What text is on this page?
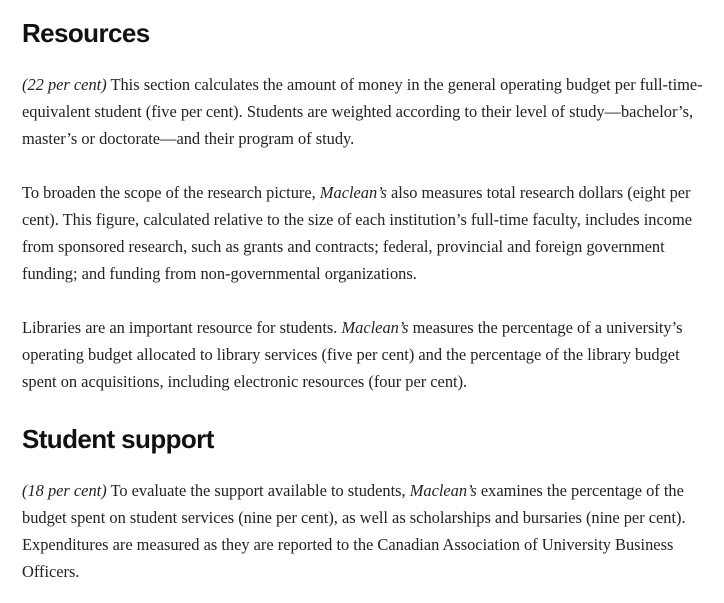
Resources

(22 per cent) This section calculates the amount of money in the general operating budget per full-time-equivalent student (five per cent). Students are weighted according to their level of study—bachelor’s, master’s or doctorate—and their program of study.

To broaden the scope of the research picture, Maclean’s also measures total research dollars (eight per cent). This figure, calculated relative to the size of each institution’s full-time faculty, includes income from sponsored research, such as grants and contracts; federal, provincial and foreign government funding; and funding from non-governmental organizations.

Libraries are an important resource for students. Maclean’s measures the percentage of a university’s operating budget allocated to library services (five per cent) and the percentage of the library budget spent on acquisitions, including electronic resources (four per cent).

Student support

(18 per cent) To evaluate the support available to students, Maclean’s examines the percentage of the budget spent on student services (nine per cent), as well as scholarships and bursaries (nine per cent). Expenditures are measured as they are reported to the Canadian Association of University Business Officers.
